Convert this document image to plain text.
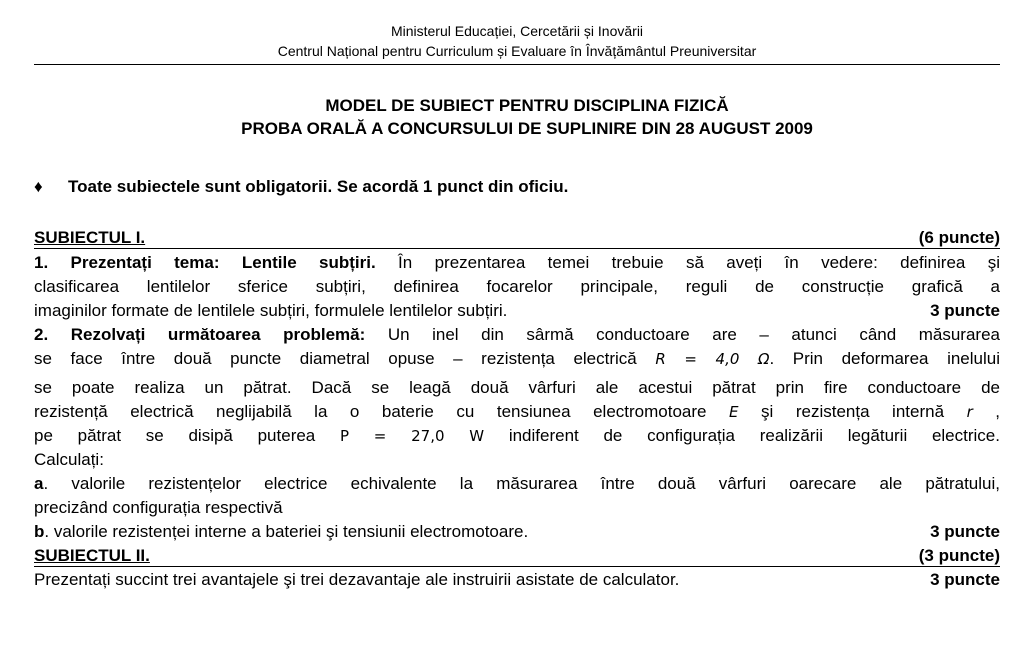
Ministerul Educației, Cercetării și Inovării
Centrul Național pentru Curriculum și Evaluare în Învățământul Preuniversitar
MODEL DE SUBIECT PENTRU DISCIPLINA FIZICĂ
PROBA ORALĂ A CONCURSULUI DE SUPLINIRE DIN 28 AUGUST 2009
♦ Toate subiectele sunt obligatorii. Se acordă 1 punct din oficiu.
SUBIECTUL I.	(6 puncte)
1. Prezentați tema: Lentile subțiri. În prezentarea temei trebuie să aveți în vedere: definirea şi
clasificarea lentilelor sferice subțiri, definirea focarelor principale, reguli de construcție grafică a
imaginilor formate de lentilele subțiri, formulele lentilelor subțiri.	3 puncte
2. Rezolvați următoarea problemă: Un inel din sârmă conductoare are – atunci când măsurarea
se face între două puncte diametral opuse – rezistența electrică R = 4,0 Ω. Prin deformarea inelului
se poate realiza un pătrat. Dacă se leagă două vârfuri ale acestui pătrat prin fire conductoare de
rezistență electrică neglijabilă la o baterie cu tensiunea electromotoare E şi rezistența internă r ,
pe pătrat se disipă puterea P = 27,0 W indiferent de configurația realizării legăturii electrice.
Calculați:
a. valorile rezistențelor electrice echivalente la măsurarea între două vârfuri oarecare ale pătratului,
precizând configurația respectivă
b. valorile rezistenței interne a bateriei şi tensiunii electromotoare.	3 puncte
SUBIECTUL II.	(3 puncte)
Prezentați succint trei avantajele şi trei dezavantaje ale instruirii asistate de calculator.	3 puncte
